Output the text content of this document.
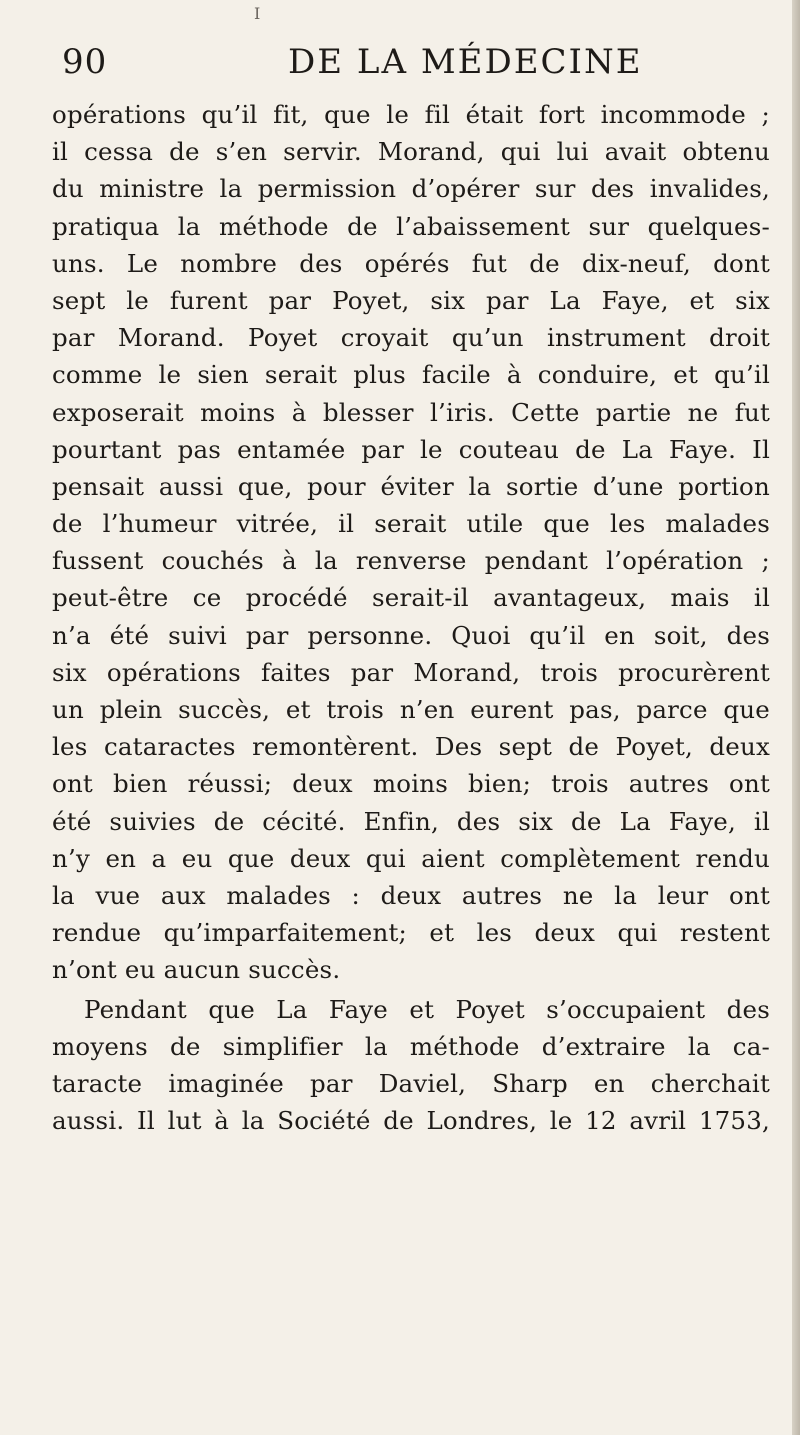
I
90	DE LA MÉDECINE
opérations qu’il fit, que le fil était fort incommode ;
il cessa de s’en servir. Morand, qui lui avait obtenu
du ministre la permission d’opérer sur des invalides,
pratiqua la méthode de l’abaissement sur quelques-
uns. Le nombre des opérés fut de dix-neuf, dont
sept le furent par Poyet, six par La Faye, et six
par Morand. Poyet croyait qu’un instrument droit
comme le sien serait plus facile à conduire, et qu’il
exposerait moins à blesser l’iris. Cette partie ne fut
pourtant pas entamée par le couteau de La Faye. Il
pensait aussi que, pour éviter la sortie d’une portion
de l’humeur vitrée, il serait utile que les malades
fussent couchés à la renverse pendant l’opération ;
peut-être ce procédé serait-il avantageux, mais il
n’a été suivi par personne. Quoi qu’il en soit, des
six opérations faites par Morand, trois procurèrent
un plein succès, et trois n’en eurent pas, parce que
les cataractes remontèrent. Des sept de Poyet, deux
ont bien réussi; deux moins bien; trois autres ont
été suivies de cécité. Enfin, des six de La Faye, il
n’y en a eu que deux qui aient complètement rendu
la vue aux malades : deux autres ne la leur ont
rendue qu’imparfaitement; et les deux qui restent
n’ont eu aucun succès.
Pendant que La Faye et Poyet s’occupaient des
moyens de simplifier la méthode d’extraire la ca-
taracte imaginée par Daviel, Sharp en cherchait
aussi. Il lut à la Société de Londres, le 12 avril 1753,
